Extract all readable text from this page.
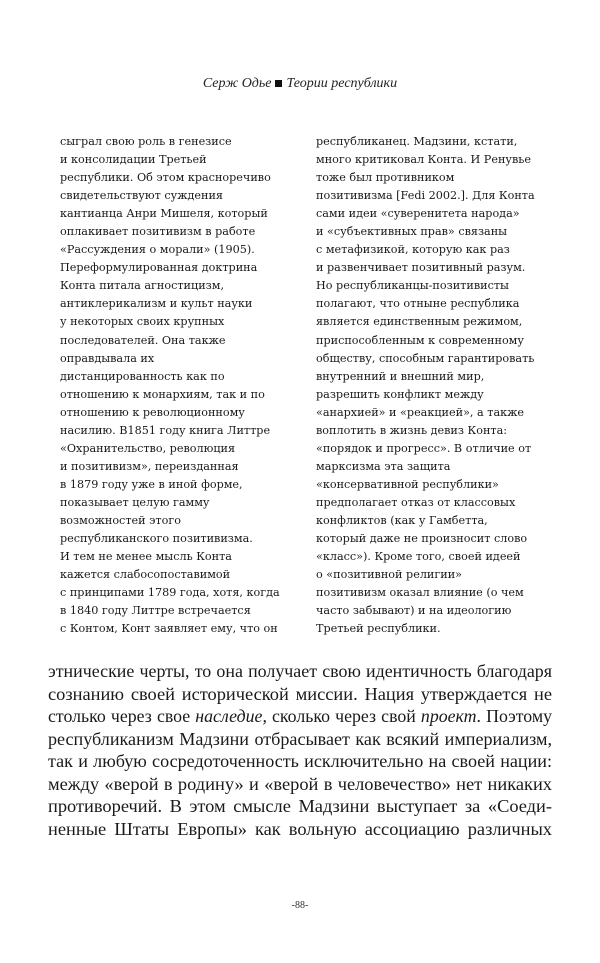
Серж Одье Теории республики
сыграл свою роль в генезисе
и консолидации Третьей
республики. Об этом красноречиво
свидетельствуют суждения
кантианца Анри Мишеля, который
оплакивает позитивизм в работе
«Рассуждения о морали» (1905).
Переформулированная доктрина
Конта питала агностицизм,
антиклерикализм и культ науки
у некоторых своих крупных
последователей. Она также
оправдывала их
дистанцированность как по
отношению к монархиям, так и по
отношению к революционному
насилию. В1851 году книга Литтре
«Охранительство, революция
и позитивизм», переизданная
в 1879 году уже в иной форме,
показывает целую гамму
возможностей этого
республиканского позитивизма.
И тем не менее мысль Конта
кажется слабосопоставимой
с принципами 1789 года, хотя, когда
в 1840 году Литтре встречается
с Контом, Конт заявляет ему, что он
республиканец. Мадзини, кстати,
много критиковал Конта. И Ренувье
тоже был противником
позитивизма [Fedi 2002.]. Для Конта
сами идеи «суверенитета народа»
и «субъективных прав» связаны
с метафизикой, которую как раз
и развенчивает позитивный разум.
Но республиканцы-позитивисты
полагают, что отныне республика
является единственным режимом,
приспособленным к современному
обществу, способным гарантировать
внутренний и внешний мир,
разрешить конфликт между
«анархией» и «реакцией», а также
воплотить в жизнь девиз Конта:
«порядок и прогресс». В отличие от
марксизма эта защита
«консервативной республики»
предполагает отказ от классовых
конфликтов (как у Гамбетта,
который даже не произносит слово
«класс»). Кроме того, своей идеей
о «позитивной религии»
позитивизм оказал влияние (о чем
часто забывают) и на идеологию
Третьей республики.
этнические черты, то она получает свою идентичность благодаря
сознанию своей исторической миссии. Нация утверждается не
столько через свое наследие, сколько через свой проект. Поэтому
республиканизм Мадзини отбрасывает как всякий империализм,
так и любую сосредоточенность исключительно на своей нации:
между «верой в родину» и «верой в человечество» нет никаких
противоречий. В этом смысле Мадзини выступает за «Соеди-
ненные Штаты Европы» как вольную ассоциацию различных
-88-
